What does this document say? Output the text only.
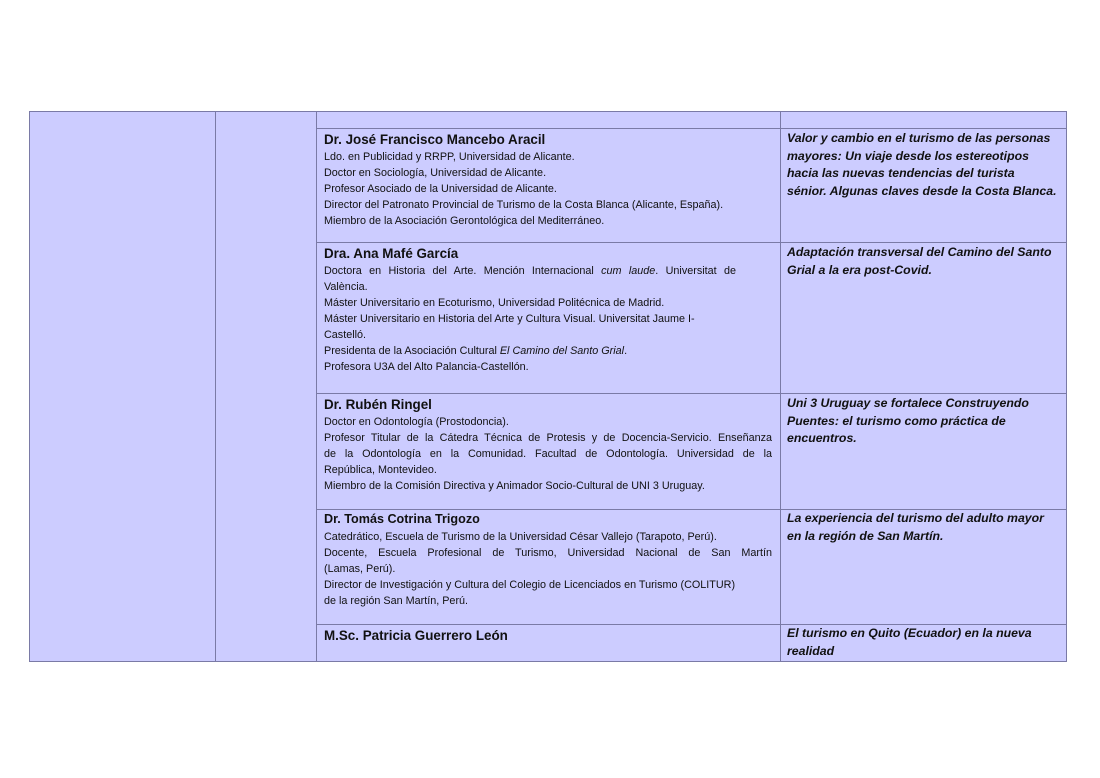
Dr. José Francisco Mancebo Aracil
Ldo. en Publicidad y RRPP, Universidad de Alicante.
Doctor en Sociología, Universidad de Alicante.
Profesor Asociado de la Universidad de Alicante.
Director del Patronato Provincial de Turismo de la Costa Blanca (Alicante, España).
Miembro de la Asociación Gerontológica del Mediterráneo.
Valor y cambio en el turismo de las personas
mayores: Un viaje desde los estereotipos
hacia las nuevas tendencias del turista
sénior. Algunas claves desde la Costa Blanca.
Dra. Ana Mafé García
Doctora en Historia del Arte. Mención Internacional cum laude. Universitat de
València.
Máster Universitario en Ecoturismo, Universidad Politécnica de Madrid.
Máster Universitario en Historia del Arte y Cultura Visual. Universitat Jaume I-
Castelló.
Presidenta de la Asociación Cultural El Camino del Santo Grial.
Profesora U3A del Alto Palancia-Castellón.
Adaptación transversal del Camino del Santo
Grial a la era post-Covid.
Dr. Rubén Ringel
Doctor en Odontología (Prostodoncia).
Profesor Titular de la Cátedra Técnica de Protesis y de Docencia-Servicio. Enseñanza
de la Odontología en la Comunidad. Facultad de Odontología. Universidad de la
República, Montevideo.
Miembro de la Comisión Directiva y Animador Socio-Cultural de UNI 3 Uruguay.
Uni 3 Uruguay se fortalece Construyendo
Puentes: el turismo como práctica de
encuentros.
Dr. Tomás Cotrina Trigozo
Catedrático, Escuela de Turismo de la Universidad César Vallejo (Tarapoto, Perú).
Docente, Escuela Profesional de Turismo, Universidad Nacional de San Martín
(Lamas, Perú).
Director de Investigación y Cultura del Colegio de Licenciados en Turismo (COLITUR)
de la región San Martín, Perú.
La experiencia del turismo del adulto mayor
en la región de San Martín.
M.Sc. Patricia Guerrero León	El turismo en Quito (Ecuador) en la nueva
realidad
